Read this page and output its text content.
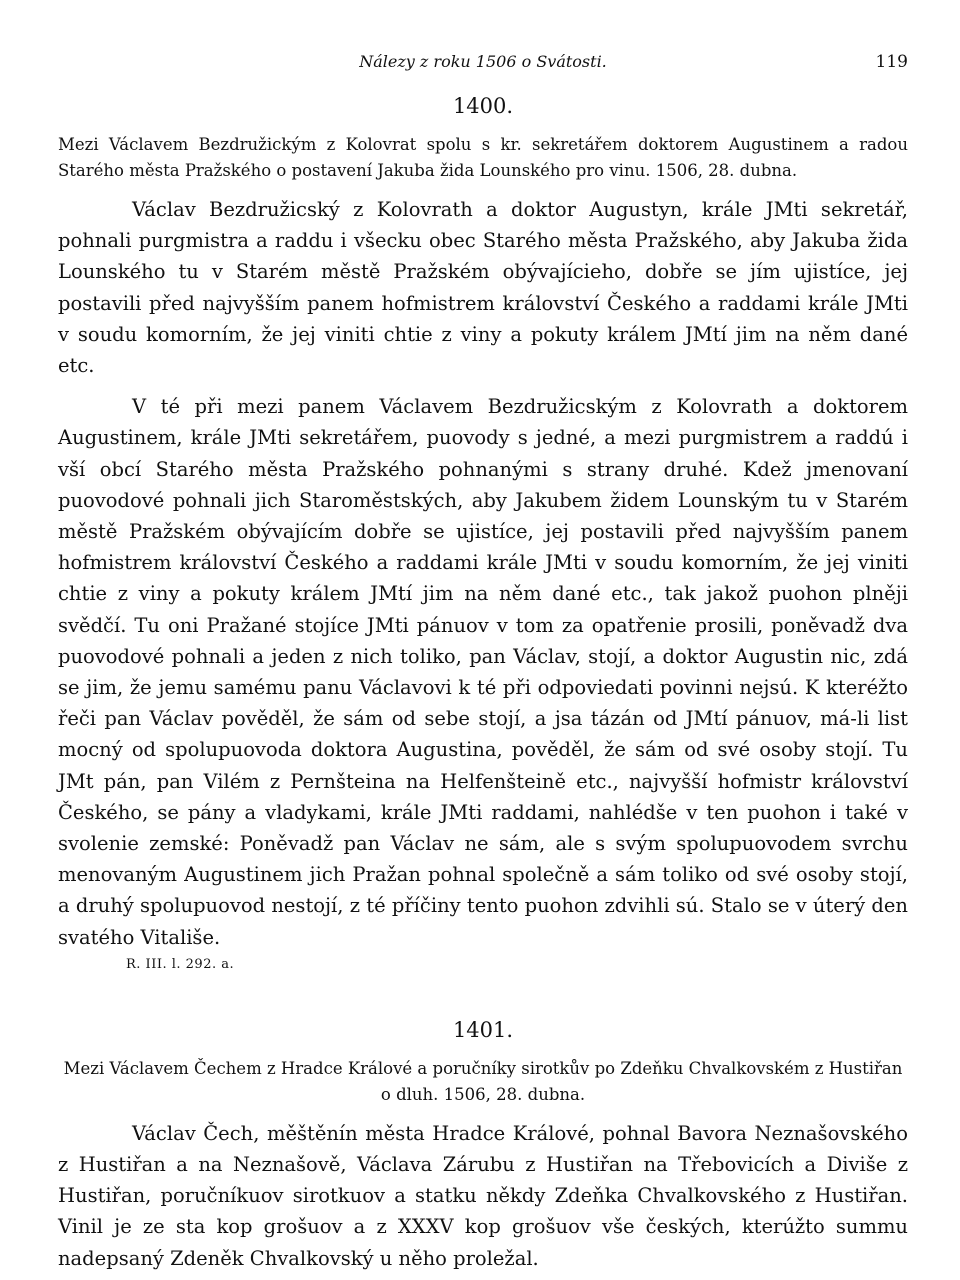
Nálezy z roku 1506 o Svátosti.	119
1400.

Mezi Václavem Bezdružickým z Kolovrat spolu s kr. sekretářem doktorem Augustinem a radou Starého města Pražského o postavení Jakuba žida Lounského pro vinu. 1506, 28. dubna.

Václav Bezdružicský z Kolovrath a doktor Augustyn, krále JMti sekretář, pohnali purgmistra a raddu i všecku obec Starého města Pražského, aby Jakuba žida Lounského tu v Starém městě Pražském obývajícieho, dobře se jím ujistíce, jej postavili před najvyšším panem hofmistrem království Českého a raddami krále JMti v soudu komorním, že jej viniti chtie z viny a pokuty králem JMtí jim na něm dané etc.

V té při mezi panem Václavem Bezdružicským z Kolovrath a doktorem Augustinem, krále JMti sekretářem, puovody s jedné, a mezi purgmistrem a raddú i vší obcí Starého města Pražského pohnanými s strany druhé. Kdež jmenovaní puovodové pohnali jich Staroměstských, aby Jakubem židem Lounským tu v Starém městě Pražském obývajícím dobře se ujistíce, jej postavili před najvyšším panem hofmistrem království Českého a raddami krále JMti v soudu komorním, že jej viniti chtie z viny a pokuty králem JMtí jim na něm dané etc., tak jakož puohon plněji svědčí. Tu oni Pražané stojíce JMti pánuov v tom za opatřenie prosili, poněvadž dva puovodové pohnali a jeden z nich toliko, pan Václav, stojí, a doktor Augustin nic, zdá se jim, že jemu samému panu Václavovi k té při odpoviedati povinni nejsú. K kteréžto řeči pan Václav pověděl, že sám od sebe stojí, a jsa tázán od JMtí pánuov, má-li list mocný od spolupuovoda doktora Augustina, pověděl, že sám od své osoby stojí. Tu JMt pán, pan Vilém z Pernšteina na Helfenšteině etc., najvyšší hofmistr království Českého, se pány a vladykami, krále JMti raddami, nahlédše v ten puohon i také v svolenie zemské: Poněvadž pan Václav ne sám, ale s svým spolupuovodem svrchu menovaným Augustinem jich Pražan pohnal společně a sám toliko od své osoby stojí, a druhý spolupuovod nestojí, z té příčiny tento puohon zdvihli sú. Stalo se v úterý den svatého Vitališe.

R. III. l. 292. a.
1401.

Mezi Václavem Čechem z Hradce Králové a poručníky sirotkův po Zdeňku Chvalkovském z Hustiřan o dluh. 1506, 28. dubna.

Václav Čech, měštěnín města Hradce Králové, pohnal Bavora Neznašovského z Hustiřan a na Neznašově, Václava Zárubu z Hustiřan na Třebovicích a Diviše z Hustiřan, poručníkuov sirotkuov a statku někdy Zdeňka Chvalkovského z Hustiřan. Vinil je ze sta kop grošuov a z XXXV kop grošuov vše českých, kterúžto summu nadepsaný Zdeněk Chvalkovský u něho proležal.
